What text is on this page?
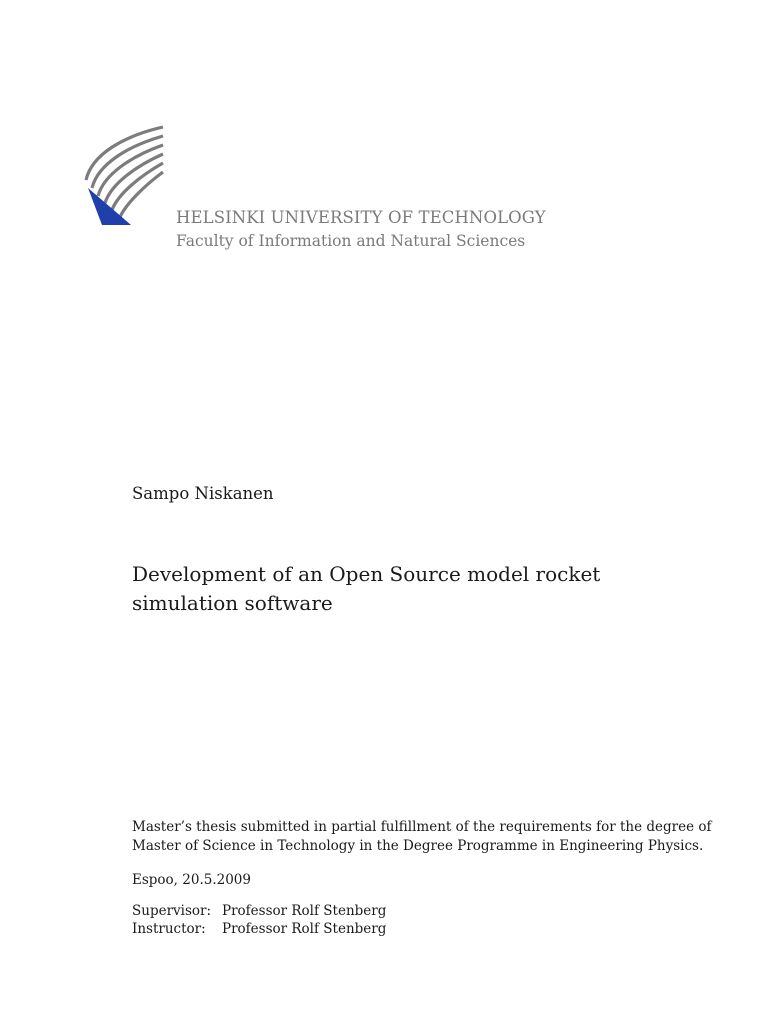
HELSINKI UNIVERSITY OF TECHNOLOGY
Faculty of Information and Natural Sciences
Sampo Niskanen
Development of an Open Source model rocket simulation software
Master’s thesis submitted in partial fulfillment of the requirements for the degree of
Master of Science in Technology in the Degree Programme in Engineering Physics.
Espoo, 20.5.2009
Supervisor: Professor Rolf Stenberg
Instructor:	Professor Rolf Stenberg
